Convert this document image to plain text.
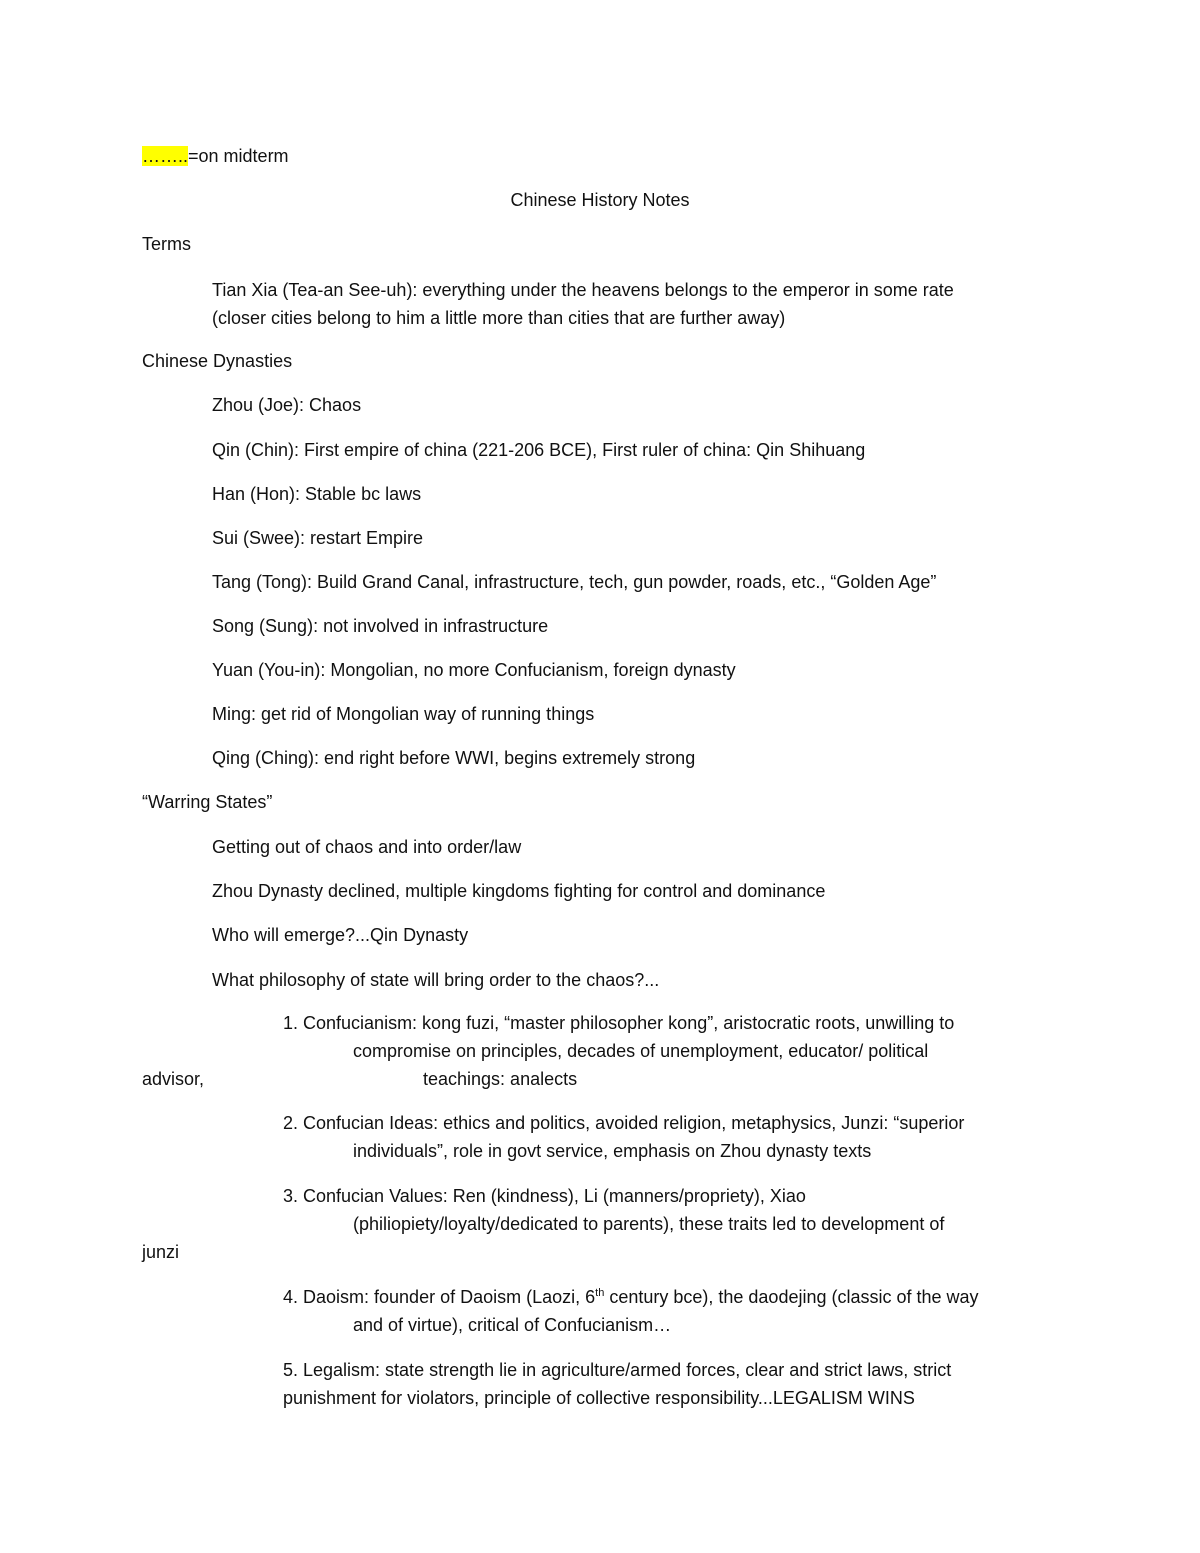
……..=on midterm
Chinese History Notes
Terms
Tian Xia (Tea-an See-uh): everything under the heavens belongs to the emperor in some rate
(closer cities belong to him a little more than cities that are further away)
Chinese Dynasties
Zhou (Joe): Chaos
Qin (Chin): First empire of china (221-206 BCE), First ruler of china: Qin Shihuang
Han (Hon): Stable bc laws
Sui (Swee): restart Empire
Tang (Tong): Build Grand Canal, infrastructure, tech, gun powder, roads, etc., “Golden Age”
Song (Sung): not involved in infrastructure
Yuan (You-in): Mongolian, no more Confucianism, foreign dynasty
Ming: get rid of Mongolian way of running things
Qing (Ching): end right before WWI, begins extremely strong
“Warring States”
Getting out of chaos and into order/law
Zhou Dynasty declined, multiple kingdoms fighting for control and dominance
Who will emerge?...Qin Dynasty
What philosophy of state will bring order to the chaos?...
1. Confucianism: kong fuzi, “master philosopher kong”, aristocratic roots, unwilling to
compromise on principles, decades of unemployment, educator/ political
advisor,	teachings: analects
2. Confucian Ideas: ethics and politics, avoided religion, metaphysics, Junzi: “superior
individuals”, role in govt service, emphasis on Zhou dynasty texts
3. Confucian Values: Ren (kindness), Li (manners/propriety), Xiao
(philiopiety/loyalty/dedicated to parents), these traits led to development of
junzi
4. Daoism: founder of Daoism (Laozi, 6th century bce), the daodejing (classic of the way
and of virtue), critical of Confucianism…
5. Legalism: state strength lie in agriculture/armed forces, clear and strict laws, strict
punishment for violators, principle of collective responsibility...LEGALISM WINS
